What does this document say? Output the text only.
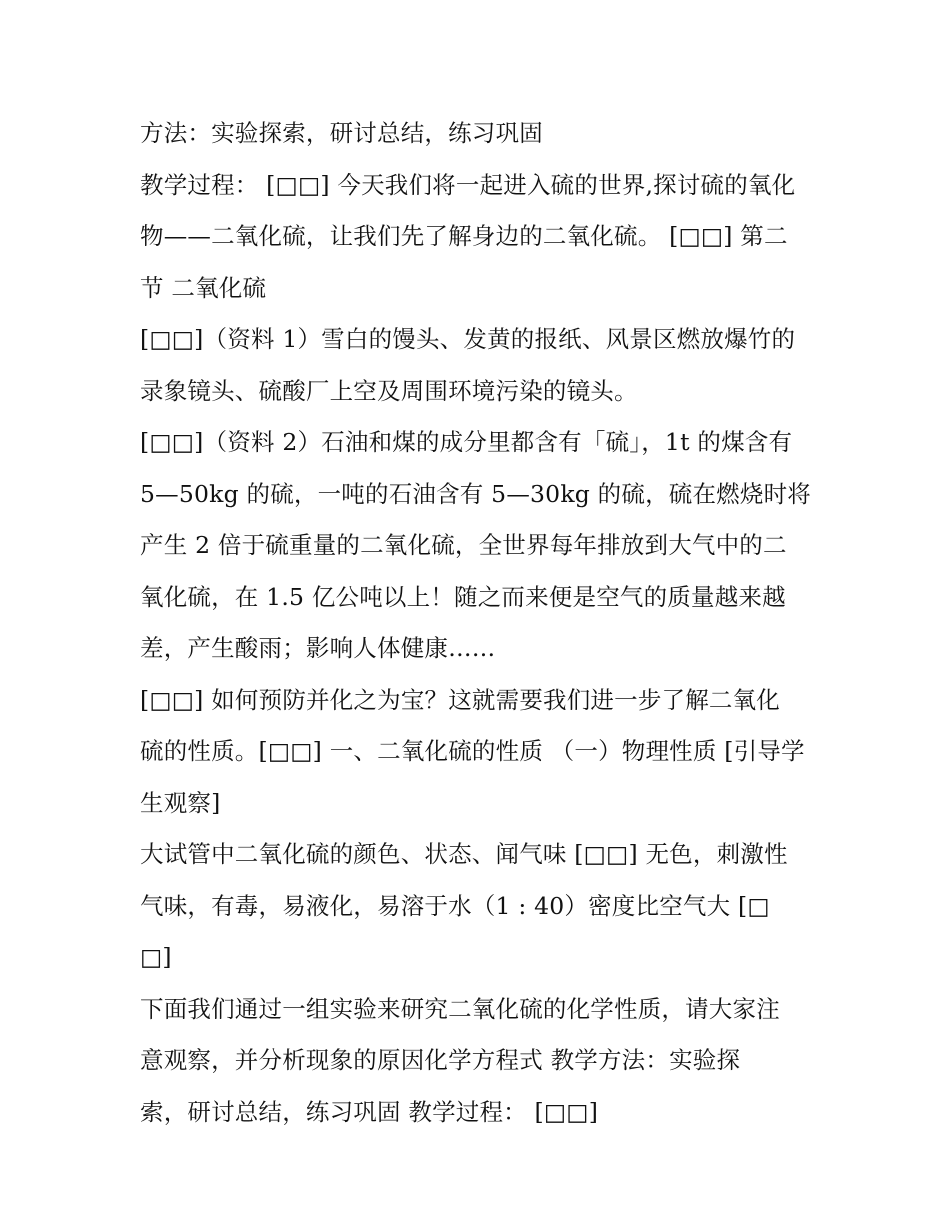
方法：实验探索，研讨总结，练习巩固
教学过程： [□□] 今天我们将一起进入硫的世界,探讨硫的氧化
物——二氧化硫，让我们先了解身边的二氧化硫。 [□□] 第二
节 二氧化硫
[□□]（资料 1）雪白的馒头、发黄的报纸、风景区燃放爆竹的
录象镜头、硫酸厂上空及周围环境污染的镜头。
[□□]（资料 2）石油和煤的成分里都含有「硫」，1t 的煤含有
5—50kg 的硫，一吨的石油含有 5—30kg 的硫，硫在燃烧时将
产生 2 倍于硫重量的二氧化硫，全世界每年排放到大气中的二
氧化硫，在 1.5 亿公吨以上！随之而来便是空气的质量越来越
差，产生酸雨；影响人体健康……
[□□] 如何预防并化之为宝？这就需要我们进一步了解二氧化
硫的性质。[□□] 一、二氧化硫的性质 （一）物理性质 [引导学
生观察]
大试管中二氧化硫的颜色、状态、闻气味 [□□] 无色，刺激性
气味，有毒，易液化，易溶于水（1 : 40）密度比空气大 [□
□]
下面我们通过一组实验来研究二氧化硫的化学性质，请大家注
意观察，并分析现象的原因化学方程式 教学方法：实验探
索，研讨总结，练习巩固 教学过程： [□□]
